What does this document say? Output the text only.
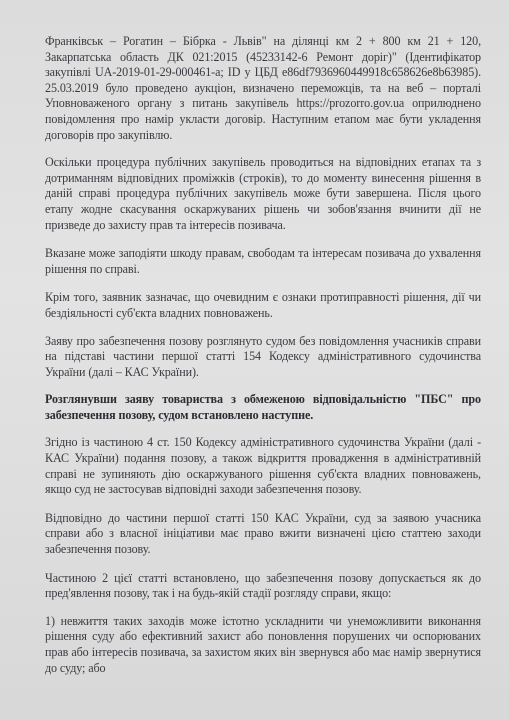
Франківськ – Рогатин – Бібрка - Львів" на ділянці км 2 + 800 км 21 + 120, Закарпатська область ДК 021:2015 (45233142-6 Ремонт доріг)" (Ідентифікатор закупівлі UA-2019-01-29-000461-a; ID у ЦБД e86df7936960449918c658626e8b63985). 25.03.2019 було проведено аукціон, визначено переможців, та на веб – порталі Уповноваженого органу з питань закупівель https://prozorro.gov.ua оприлюднено повідомлення про намір укласти договір. Наступним етапом має бути укладення договорів про закупівлю.

Оскільки процедура публічних закупівель проводиться на відповідних етапах та з дотриманням відповідних проміжків (строків), то до моменту винесення рішення в даній справі процедура публічних закупівель може бути завершена. Після цього етапу жодне скасування оскаржуваних рішень чи зобов'язання вчинити дії не призведе до захисту прав та інтересів позивача.

Вказане може заподіяти шкоду правам, свободам та інтересам позивача до ухвалення рішення по справі.

Крім того, заявник зазначає, що очевидним є ознаки протиправності рішення, дії чи бездіяльності суб'єкта владних повноважень.

Заяву про забезпечення позову розглянуто судом без повідомлення учасників справи на підставі частини першої статті 154 Кодексу адміністративного судочинства України (далі – КАС України).

Розглянувши заяву товариства з обмеженою відповідальністю "ПБС" про забезпечення позову, судом встановлено наступне.

Згідно із частиною 4 ст. 150 Кодексу адміністративного судочинства України (далі - КАС України) подання позову, а також відкриття провадження в адміністративній справі не зупиняють дію оскаржуваного рішення суб'єкта владних повноважень, якщо суд не застосував відповідні заходи забезпечення позову.

Відповідно до частини першої статті 150 КАС України, суд за заявою учасника справи або з власної ініціативи має право вжити визначені цією статтею заходи забезпечення позову.

Частиною 2 цієї статті встановлено, що забезпечення позову допускається як до пред'явлення позову, так і на будь-якій стадії розгляду справи, якщо:

1) невжиття таких заходів може істотно ускладнити чи унеможливити виконання рішення суду або ефективний захист або поновлення порушених чи оспорюваних прав або інтересів позивача, за захистом яких він звернувся або має намір звернутися до суду; або
